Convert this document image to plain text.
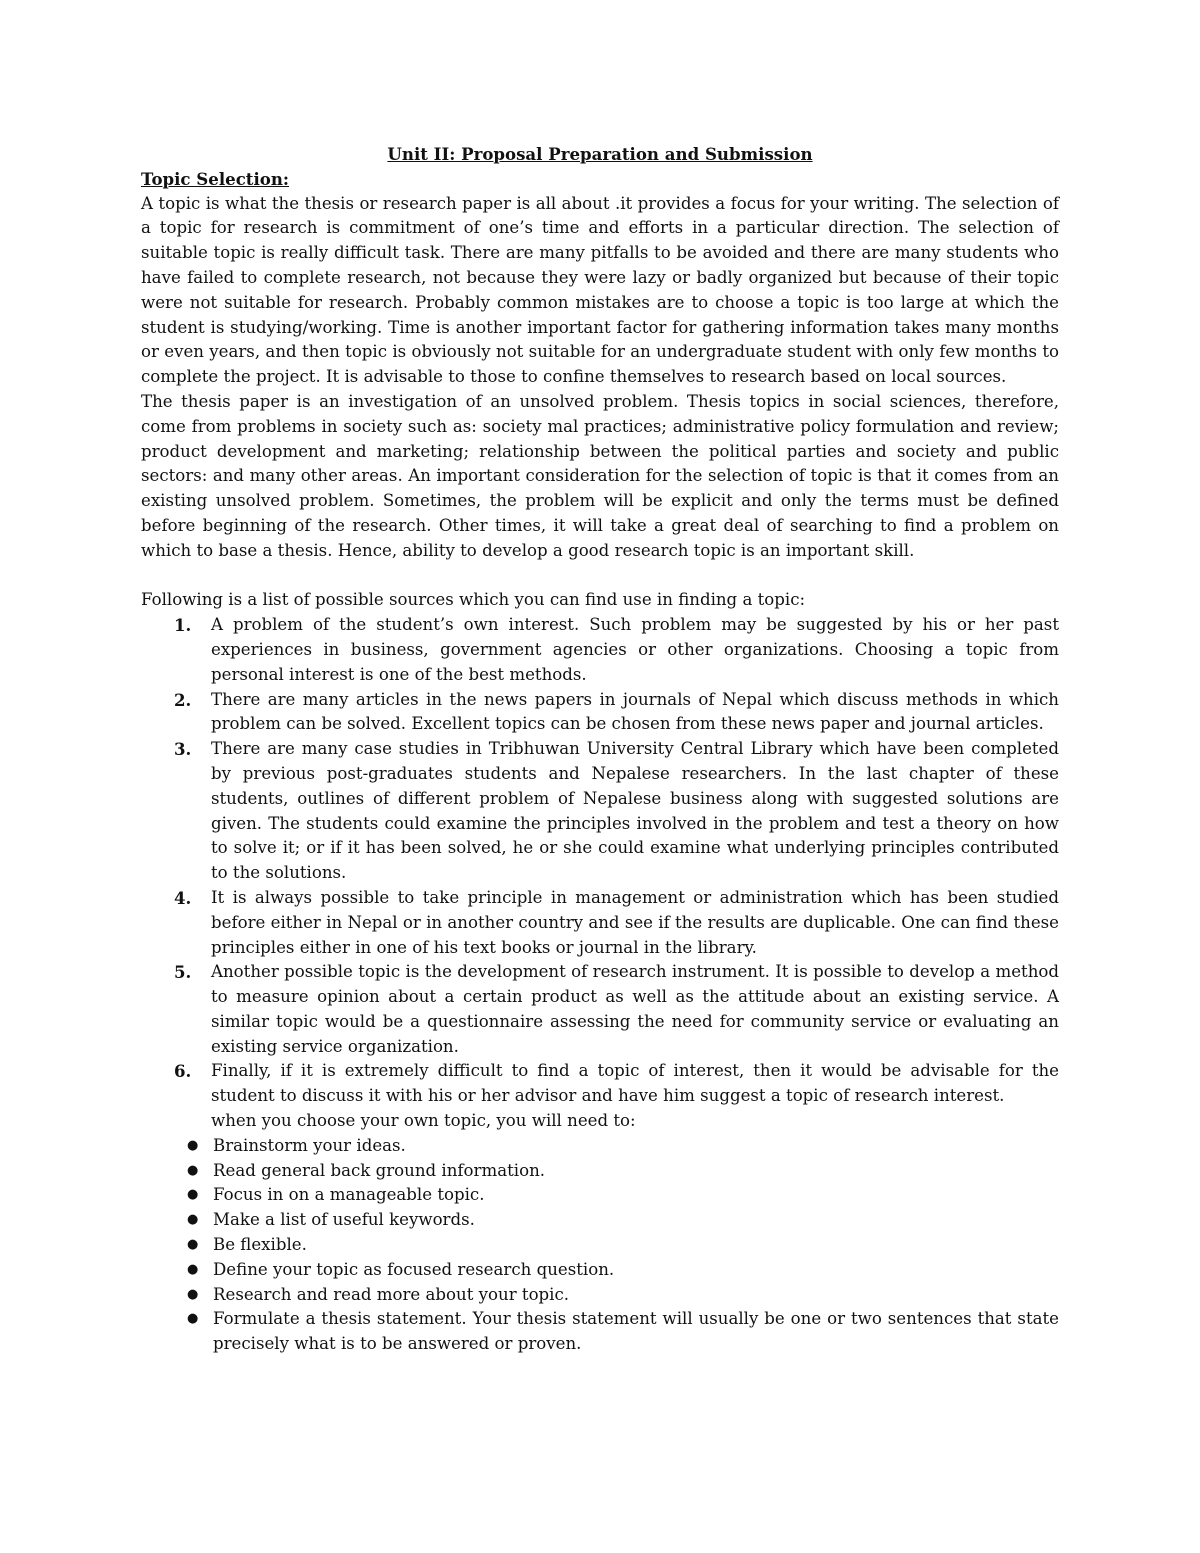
Unit II: Proposal Preparation and Submission

Topic Selection:

A topic is what the thesis or research paper is all about .it provides a focus for your writing. The selection of a topic for research is commitment of one’s time and efforts in a particular direction. The selection of suitable topic is really difficult task. There are many pitfalls to be avoided and there are many students who have failed to complete research, not because they were lazy or badly organized but because of their topic were not suitable for research. Probably common mistakes are to choose a topic is too large at which the student is studying/working. Time is another important factor for gathering information takes many months or even years, and then topic is obviously not suitable for an undergraduate student with only few months to complete the project. It is advisable to those to confine themselves to research based on local sources.

The thesis paper is an investigation of an unsolved problem. Thesis topics in social sciences, therefore, come from problems in society such as: society mal practices; administrative policy formulation and review; product development and marketing; relationship between the political parties and society and public sectors: and many other areas. An important consideration for the selection of topic is that it comes from an existing unsolved problem. Sometimes, the problem will be explicit and only the terms must be defined before beginning of the research. Other times, it will take a great deal of searching to find a problem on which to base a thesis. Hence, ability to develop a good research topic is an important skill.

Following is a list of possible sources which you can find use in finding a topic:

1. A problem of the student’s own interest. Such problem may be suggested by his or her past experiences in business, government agencies or other organizations. Choosing a topic from personal interest is one of the best methods.
2. There are many articles in the news papers in journals of Nepal which discuss methods in which problem can be solved. Excellent topics can be chosen from these news paper and journal articles.
3. There are many case studies in Tribhuwan University Central Library which have been completed by previous post-graduates students and Nepalese researchers. In the last chapter of these students, outlines of different problem of Nepalese business along with suggested solutions are given. The students could examine the principles involved in the problem and test a theory on how to solve it; or if it has been solved, he or she could examine what underlying principles contributed to the solutions.
4. It is always possible to take principle in management or administration which has been studied before either in Nepal or in another country and see if the results are duplicable. One can find these principles either in one of his text books or journal in the library.
5. Another possible topic is the development of research instrument. It is possible to develop a method to measure opinion about a certain product as well as the attitude about an existing service. A similar topic would be a questionnaire assessing the need for community service or evaluating an existing service organization.
6. Finally, if it is extremely difficult to find a topic of interest, then it would be advisable for the student to discuss it with his or her advisor and have him suggest a topic of research interest.
when you choose your own topic, you will need to:
● Brainstorm your ideas.
● Read general back ground information.
● Focus in on a manageable topic.
● Make a list of useful keywords.
● Be flexible.
● Define your topic as focused research question.
● Research and read more about your topic.
● Formulate a thesis statement. Your thesis statement will usually be one or two sentences that state precisely what is to be answered or proven.
